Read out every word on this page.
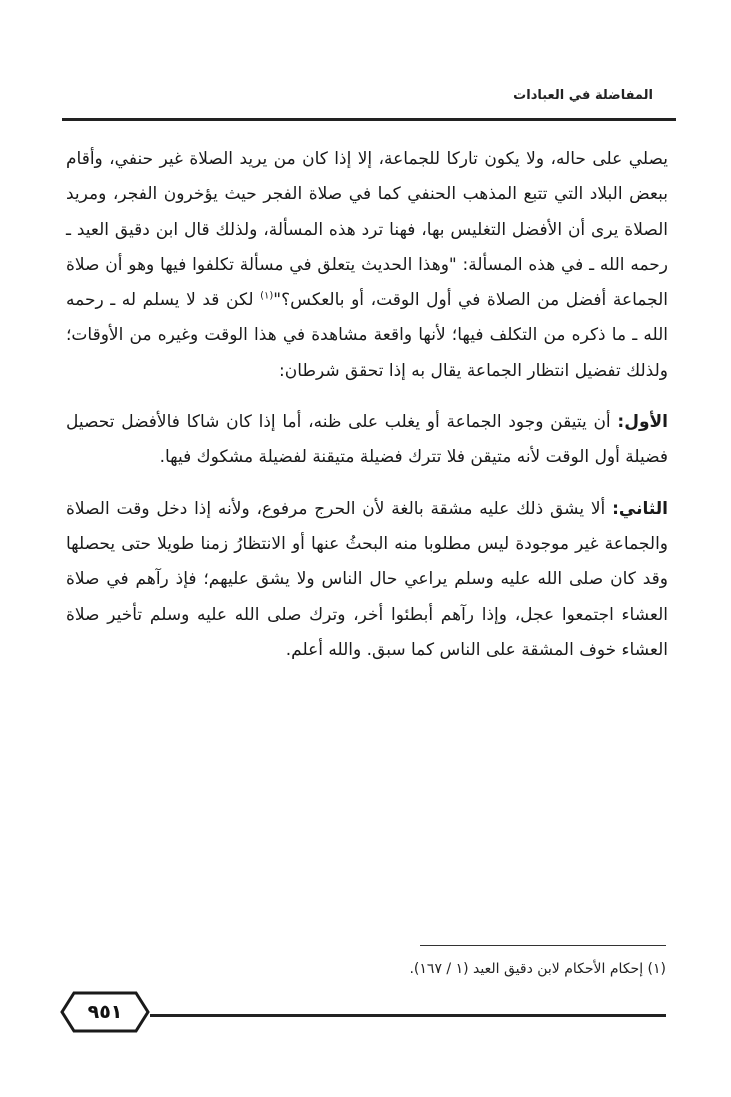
المفاضلة في العبادات

يصلي على حاله، ولا يكون تاركا للجماعة، إلا إذا كان من يريد الصلاة غير حنفي، وأقام ببعض البلاد التي تتبع المذهب الحنفي كما في صلاة الفجر حيث يؤخرون الفجر، ومريد الصلاة يرى أن الأفضل التغليس بها، فهنا ترد هذه المسألة، ولذلك قال ابن دقيق العيد ـ رحمه الله ـ في هذه المسألة: "وهذا الحديث يتعلق في مسألة تكلفوا فيها وهو أن صلاة الجماعة أفضل من الصلاة في أول الوقت، أو بالعكس؟"$^{(١)}$ لكن قد لا يسلم له ـ رحمه الله ـ ما ذكره من التكلف فيها؛ لأنها واقعة مشاهدة في هذا الوقت وغيره من الأوقات؛ ولذلك تفضيل انتظار الجماعة يقال به إذا تحقق شرطان:

الأول: أن يتيقن وجود الجماعة أو يغلب على ظنه، أما إذا كان شاكا فالأفضل تحصيل فضيلة أول الوقت لأنه متيقن فلا تترك فضيلة متيقنة لفضيلة مشكوك فيها.

الثاني: ألا يشق ذلك عليه مشقة بالغة لأن الحرج مرفوع، ولأنه إذا دخل وقت الصلاة والجماعة غير موجودة ليس مطلوبا منه البحثُ عنها أو الانتظارُ زمنا طويلا حتى يحصلها وقد كان صلى الله عليه وسلم يراعي حال الناس ولا يشق عليهم؛ فإذ رآهم في صلاة العشاء اجتمعوا عجل، وإذا رآهم أبطئوا أخر، وترك صلى الله عليه وسلم تأخير صلاة العشاء خوف المشقة على الناس كما سبق. والله أعلم.

(١) إحكام الأحكام لابن دقيق العيد (١ / ١٦٧).
٩٥١
